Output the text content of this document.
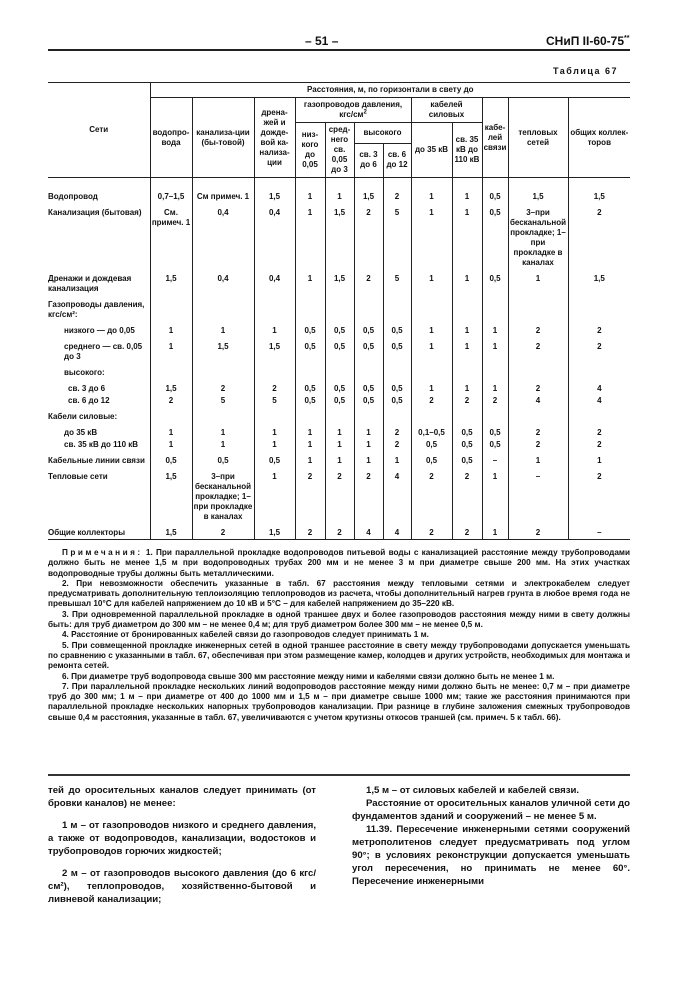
– 51 –	СНиП II-60-75**
Таблица 67
Сети	Расстояния, м, по горизонтали в свету до											
	водопро-вода	канализа-ции (бы-товой)	дрена-жей и дожде-вой ка-нализа-ции	газопроводов давления, кгс/$см^2$				кабелей силовых		кабе-лей связи	тепловых сетей	общих коллек-торов
				низ-кого до 0,05	сред-него св. 0,05 до 3	высокого		до 35 кВ	св. 35 кВ до 110 кВ			
						св. 3 до 6	св. 6 до 12					
Водопровод	0,7–1,5	См примеч. 1	1,5	1	1	1,5	2	1	1	0,5	1,5	1,5
Канализация (бытовая)	См. примеч. 1	0,4	0,4	1	1,5	2	5	1	1	0,5	3–при бесканальной прокладке; 1–при прокладке в каналах	2
Дренажи и дождевая канализация	1,5	0,4	0,4	1	1,5	2	5	1	1	0,5	1	1,5
Газопроводы давления, кгс/см²:												
низкого — до 0,05	1	1	1	0,5	0,5	0,5	0,5	1	1	1	2	2
среднего — св. 0,05 до 3	1	1,5	1,5	0,5	0,5	0,5	0,5	1	1	1	2	2
высокого:												
св. 3 до 6	1,5	2	2	0,5	0,5	0,5	0,5	1	1	1	2	4
св. 6 до 12	2	5	5	0,5	0,5	0,5	0,5	2	2	2	4	4
Кабели силовые:												
до 35 кВ	1	1	1	1	1	1	2	0,1–0,5	0,5	0,5	2	2
св. 35 кВ до 110 кВ	1	1	1	1	1	1	2	0,5	0,5	0,5	2	2
Кабельные линии связи	0,5	0,5	0,5	1	1	1	1	0,5	0,5	–	1	1
Тепловые сети	1,5	3–при бесканальной прокладке; 1–при прокладке в каналах	1	2	2	2	4	2	2	1	–	2
Общие коллекторы	1,5	2	1,5	2	2	4	4	2	2	1	2	–

Примечания: 1. При параллельной прокладке водопроводов питьевой воды с канализацией расстояние между трубопроводами должно быть не менее 1,5 м при водопроводных трубах 200 мм и не менее 3 м при диаметре свыше 200 мм. На этих участках водопроводные трубы должны быть металлическими.

2. При невозможности обеспечить указанные в табл. 67 расстояния между тепловыми сетями и электрокабелем следует предусматривать дополнительную теплоизоляцию теплопроводов из расчета, чтобы дополнительный нагрев грунта в любое время года не превышал 10°С для кабелей напряжением до 10 кВ и 5°С – для кабелей напряжением до 35–220 кВ.

3. При одновременной параллельной прокладке в одной траншее двух и более газопроводов расстояния между ними в свету должны быть: для труб диаметром до 300 мм – не менее 0,4 м; для труб диаметром более 300 мм – не менее 0,5 м.

4. Расстояние от бронированных кабелей связи до газопроводов следует принимать 1 м.

5. При совмещенной прокладке инженерных сетей в одной траншее расстояние в свету между трубопроводами допускается уменьшать по сравнению с указанными в табл. 67, обеспечивая при этом размещение камер, колодцев и других устройств, необходимых для монтажа и ремонта сетей.

6. При диаметре труб водопровода свыше 300 мм расстояние между ними и кабелями связи должно быть не менее 1 м.

7. При параллельной прокладке нескольких линий водопроводов расстояние между ними должно быть не менее: 0,7 м – при диаметре труб до 300 мм; 1 м – при диаметре от 400 до 1000 мм и 1,5 м – при диаметре свыше 1000 мм; такие же расстояния принимаются при параллельной прокладке нескольких напорных трубопроводов канализации. При разнице в глубине заложения смежных трубопроводов свыше 0,4 м расстояния, указанные в табл. 67, увеличиваются с учетом крутизны откосов траншей (см. примеч. 5 к табл. 66).

тей до оросительных каналов следует принимать (от бровки каналов) не менее:

1 м – от газопроводов низкого и среднего давления, а также от водопроводов, канализации, водостоков и трубопроводов горючих жидкостей;

2 м – от газопроводов высокого давления (до 6 кгс/см²), теплопроводов, хозяйственно-бытовой и ливневой канализации;

1,5 м – от силовых кабелей и кабелей связи.

Расстояние от оросительных каналов уличной сети до фундаментов зданий и сооружений – не менее 5 м.

11.39. Пересечение инженерными сетями сооружений метрополитенов следует предусматривать под углом 90°; в условиях реконструкции допускается уменьшать угол пересечения, но принимать не менее 60°. Пересечение инженерными
